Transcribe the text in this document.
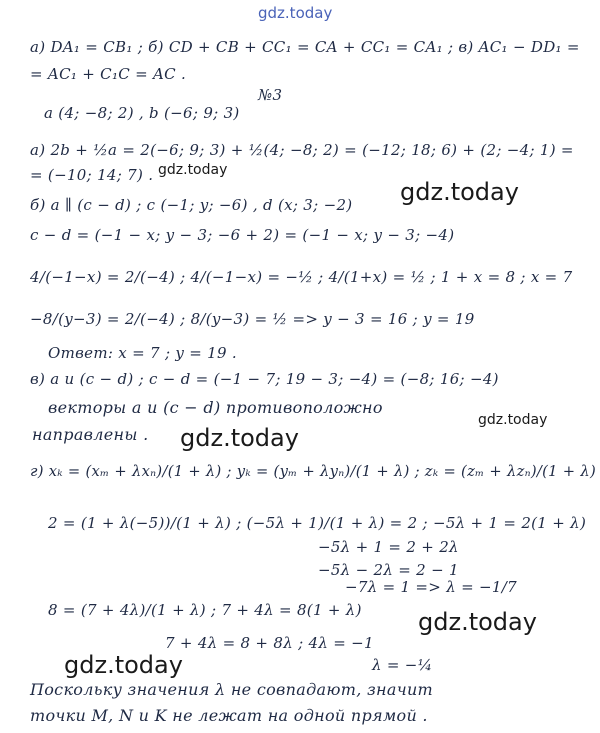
gdz.today
а) DA₁ = CB₁ ; б) CD + CB + CC₁ = CA + CC₁ = CA₁ ; в) AC₁ − DD₁ =
= AC₁ + C₁C = AC .
№3
a (4; −8; 2) , b (−6; 9; 3)
а) 2b + ½a = 2(−6; 9; 3) + ½(4; −8; 2) = (−12; 18; 6) + (2; −4; 1) =
= (−10; 14; 7) . gdz.today
gdz.today
б) a ∥ (c − d) ; c (−1; y; −6) , d (x; 3; −2)
c − d = (−1 − x; y − 3; −6 + 2) = (−1 − x; y − 3; −4)
4/(−1−x) = 2/(−4) ; 4/(−1−x) = −½ ; 4/(1+x) = ½ ; 1 + x = 8 ; x = 7
−8/(y−3) = 2/(−4) ; 8/(y−3) = ½ => y − 3 = 16 ; y = 19
Ответ: x = 7 ; y = 19 .
в) a и (c − d) ; c − d = (−1 − 7; 19 − 3; −4) = (−8; 16; −4)
векторы a и (c − d) противоположно
gdz.today
направлены . gdz.today
г) xₖ = (xₘ + λxₙ)/(1 + λ) ; yₖ = (yₘ + λyₙ)/(1 + λ) ; zₖ = (zₘ + λzₙ)/(1 + λ)
2 = (1 + λ(−5))/(1 + λ) ; (−5λ + 1)/(1 + λ) = 2 ; −5λ + 1 = 2(1 + λ)
−5λ + 1 = 2 + 2λ
−5λ − 2λ = 2 − 1
−7λ = 1 => λ = −1/7
8 = (7 + 4λ)/(1 + λ) ; 7 + 4λ = 8(1 + λ) gdz.today
7 + 4λ = 8 + 8λ ; 4λ = −1
gdz.today	λ = −¼
Поскольку значения λ не совпадают, значит
точки M, N и K не лежат на одной прямой .
